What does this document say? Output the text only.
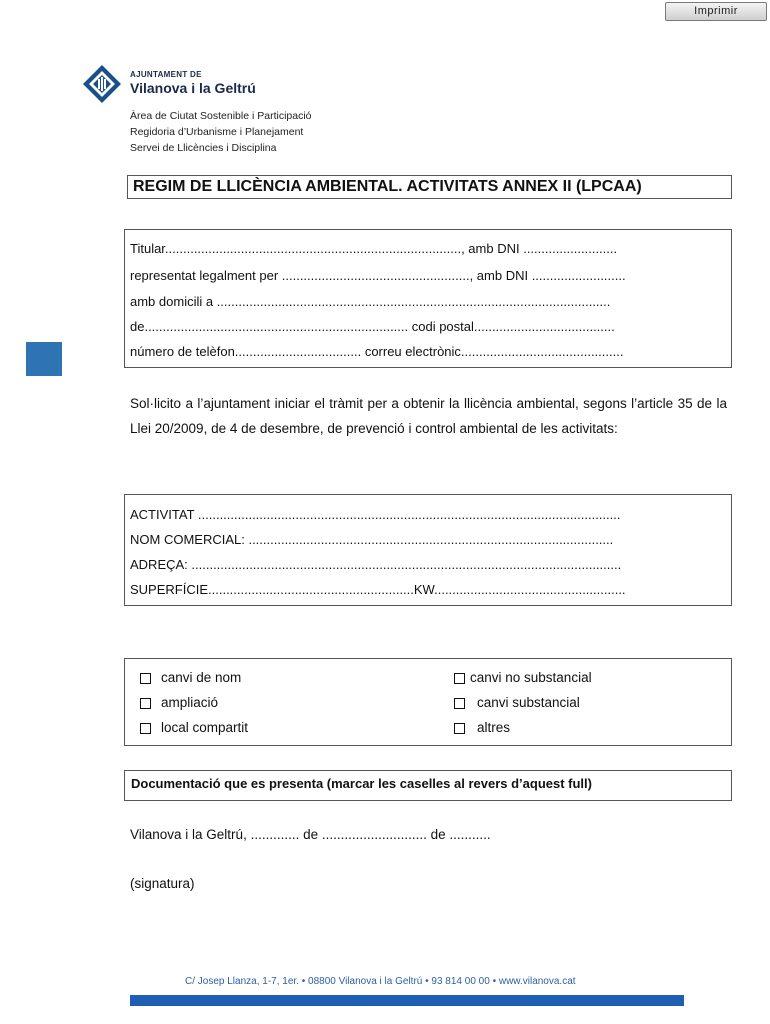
Imprimir
AJUNTAMENT DE
Vilanova i la Geltrú
Àrea de Ciutat Sostenible i Participació
Regidoria d’Urbanisme i Planejament
Servei de Llicències i Disciplina
REGIM DE LLICÈNCIA AMBIENTAL. ACTIVITATS ANNEX II (LPCAA)
Titular.................................................................................., amb DNI ..........................
representat legalment per ...................................................., amb DNI ..........................
amb domicili a .............................................................................................................
de......................................................................... codi postal.......................................
número de telèfon................................... correu electrònic.............................................
Sol·licito a l’ajuntament iniciar el tràmit per a obtenir la llicència ambiental, segons l’article 35 de la Llei 20/2009, de 4 de desembre, de prevenció i control ambiental de les activitats:
ACTIVITAT .....................................................................................................................
NOM COMERCIAL: .....................................................................................................
ADREÇA: .......................................................................................................................
SUPERFÍCIE.........................................................KW.....................................................
canvi de nom
ampliació
local compartit
canvi no substancial
canvi substancial
altres
Documentació que es presenta (marcar les caselles al revers d’aquest full)
Vilanova i la Geltrú, ............. de ............................ de ...........
(signatura)
C/ Josep Llanza, 1-7, 1er. • 08800 Vilanova i la Geltrú • 93 814 00 00 • www.vilanova.cat
